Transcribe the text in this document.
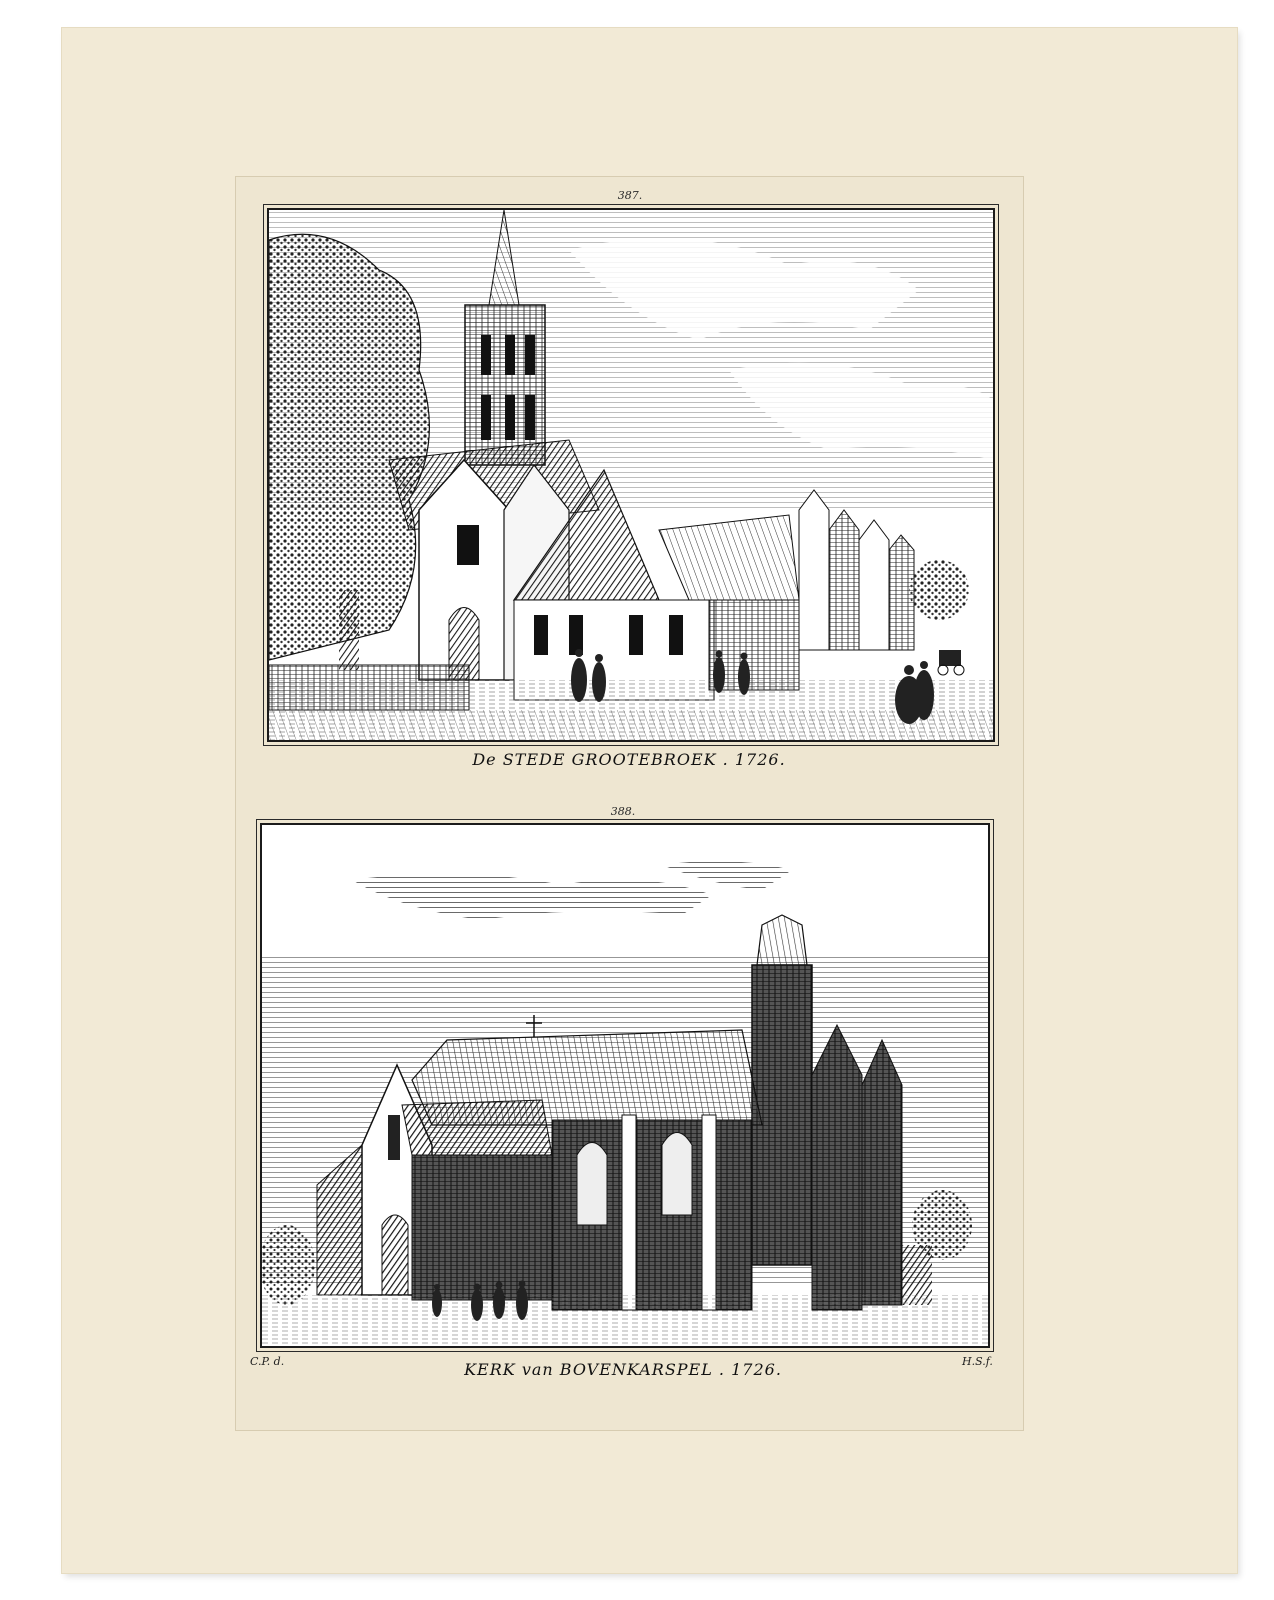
387.
De STEDE GROOTEBROEK . 1726.
388.
C.P. d.	KERK van BOVENKARSPEL . 1726.	H.S.f.
